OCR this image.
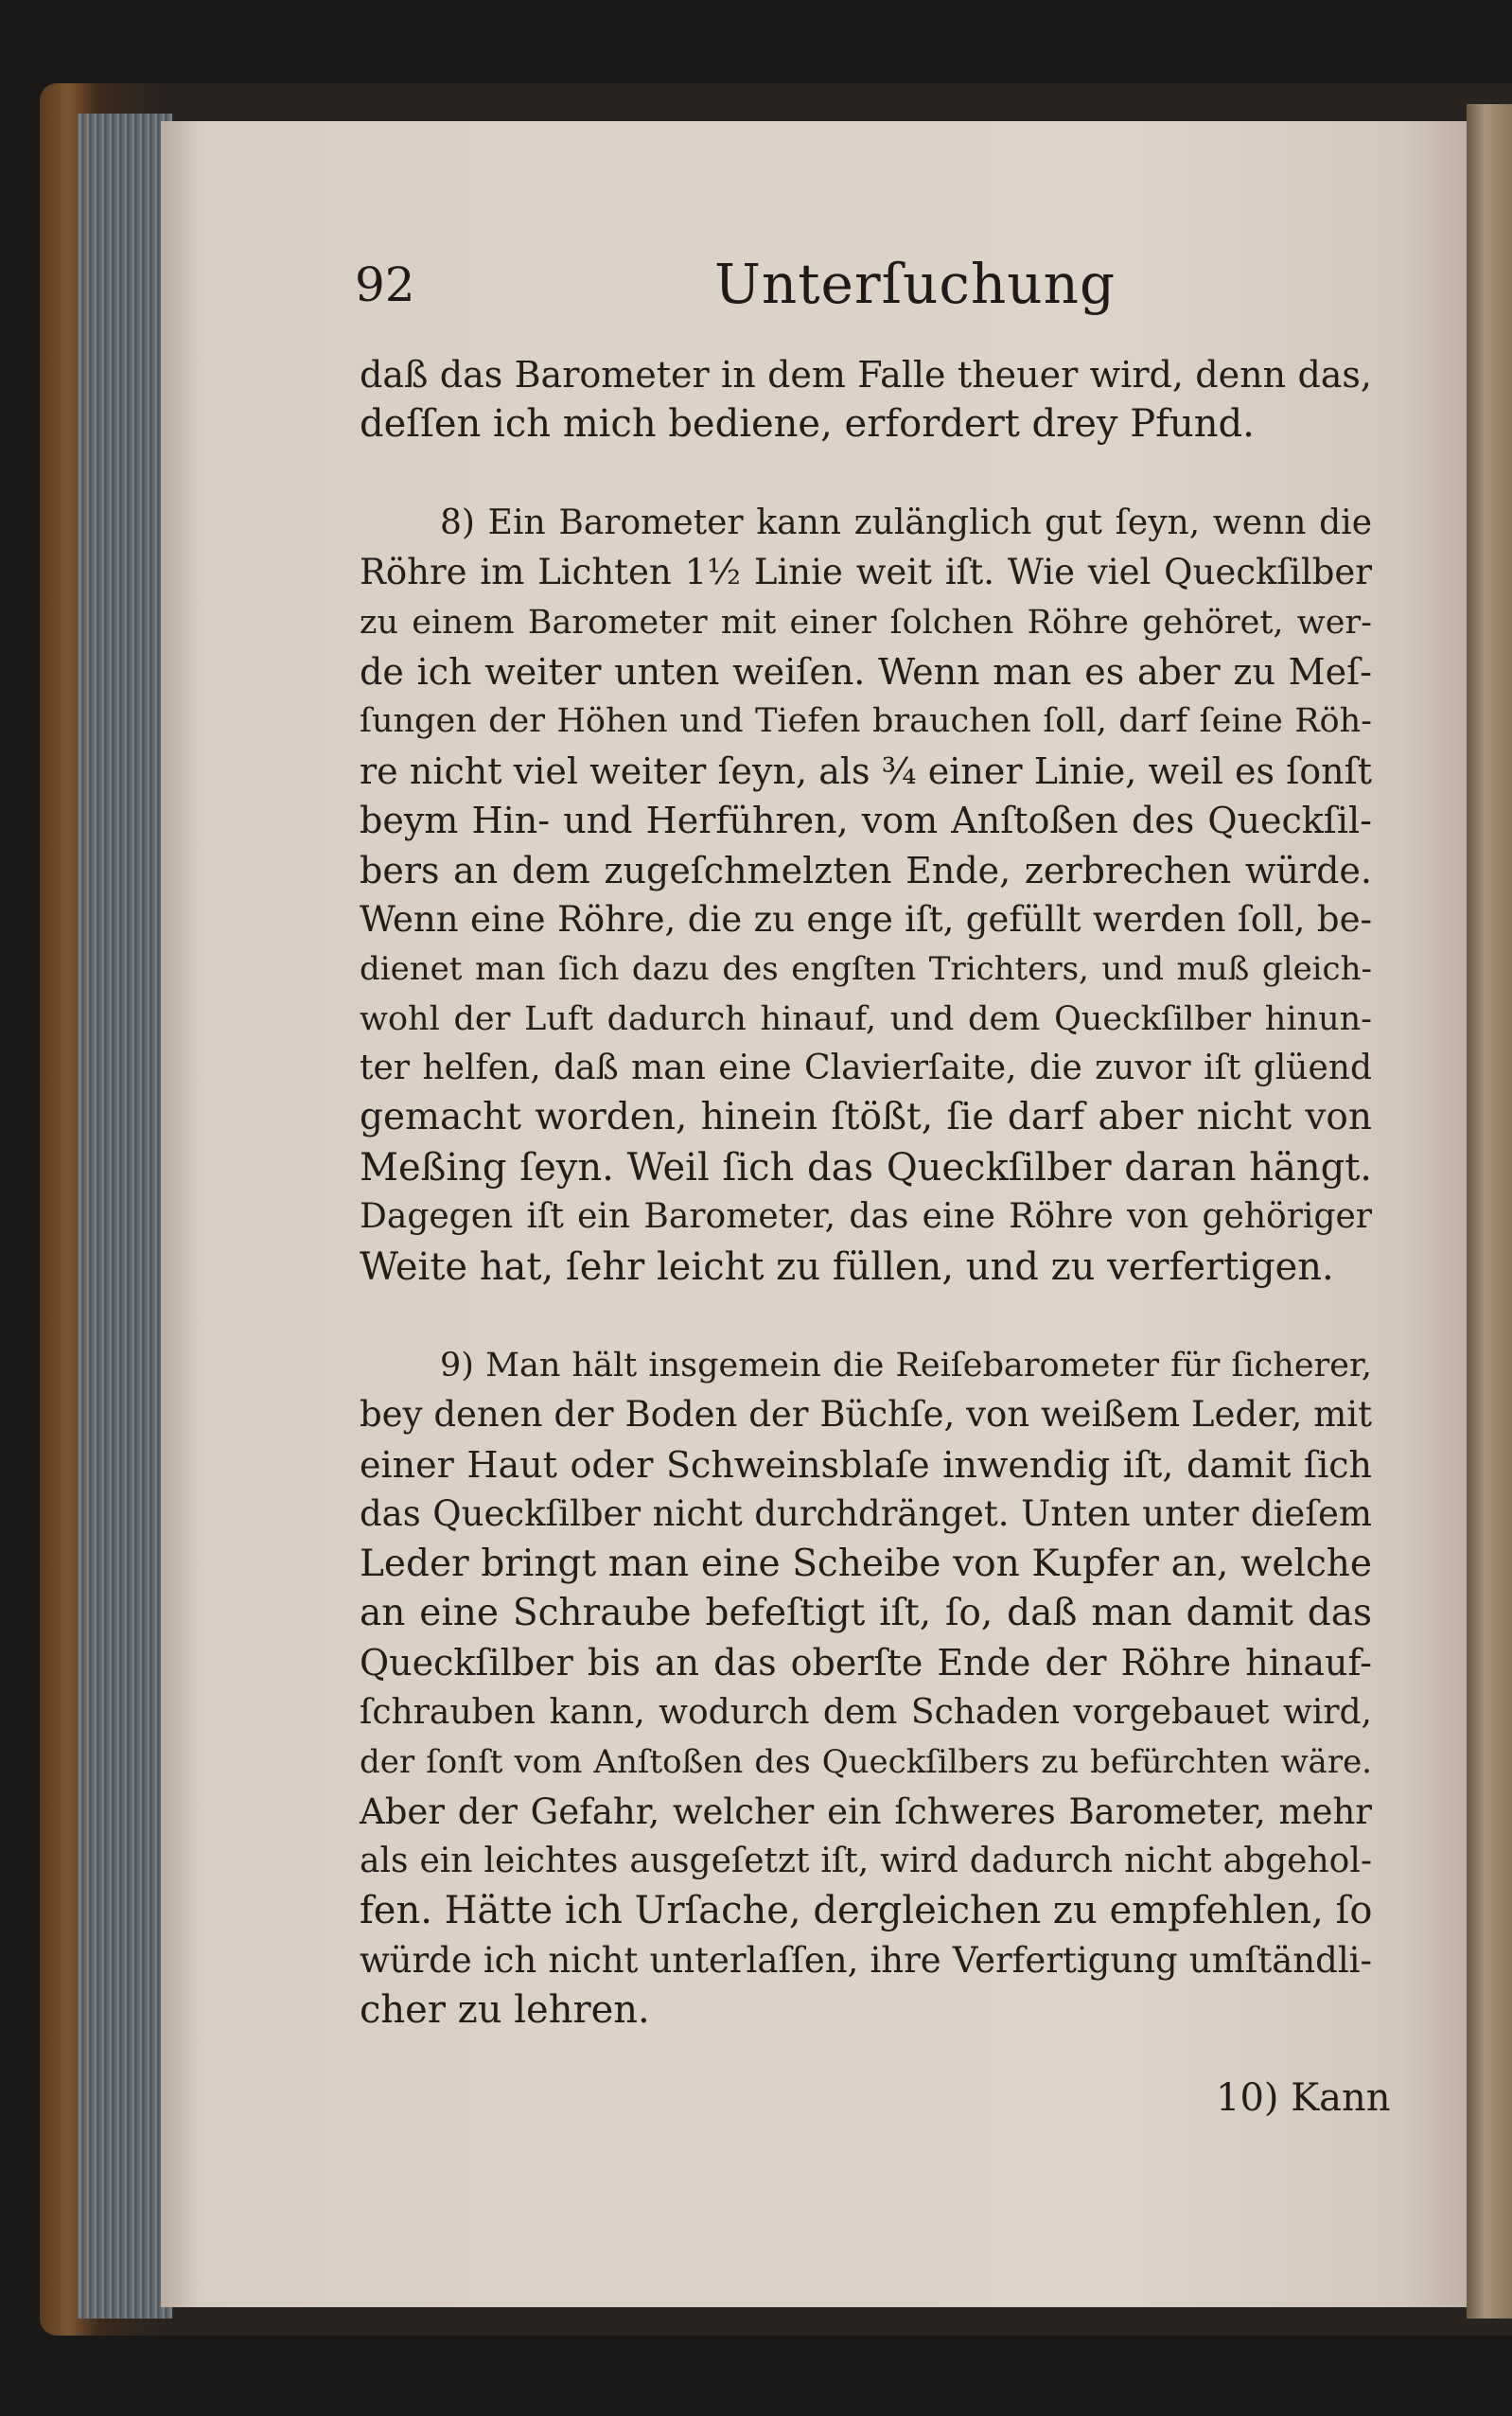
92	Unterſuchung
daß das Barometer in dem Falle theuer wird, denn das,
deſſen ich mich bediene, erfordert drey Pfund.
8) Ein Barometer kann zulänglich gut ſeyn, wenn die
Röhre im Lichten 1½ Linie weit iſt. Wie viel Queckſilber
zu einem Barometer mit einer ſolchen Röhre gehöret, wer-
de ich weiter unten weiſen. Wenn man es aber zu Meſ-
ſungen der Höhen und Tiefen brauchen ſoll, darf ſeine Röh-
re nicht viel weiter ſeyn, als ¾ einer Linie, weil es ſonſt
beym Hin- und Herführen, vom Anſtoßen des Queckſil-
bers an dem zugeſchmelzten Ende, zerbrechen würde.
Wenn eine Röhre, die zu enge iſt, gefüllt werden ſoll, be-
dienet man ſich dazu des engſten Trichters, und muß gleich-
wohl der Luft dadurch hinauf, und dem Queckſilber hinun-
ter helfen, daß man eine Clavierſaite, die zuvor iſt glüend
gemacht worden, hinein ſtößt, ſie darf aber nicht von
Meßing ſeyn. Weil ſich das Queckſilber daran hängt.
Dagegen iſt ein Barometer, das eine Röhre von gehöriger
Weite hat, ſehr leicht zu füllen, und zu verfertigen.
9) Man hält insgemein die Reiſebarometer für ſicherer,
bey denen der Boden der Büchſe, von weißem Leder, mit
einer Haut oder Schweinsblaſe inwendig iſt, damit ſich
das Queckſilber nicht durchdränget. Unten unter dieſem
Leder bringt man eine Scheibe von Kupfer an, welche
an eine Schraube befeſtigt iſt, ſo, daß man damit das
Queckſilber bis an das oberſte Ende der Röhre hinauf-
ſchrauben kann, wodurch dem Schaden vorgebauet wird,
der ſonſt vom Anſtoßen des Queckſilbers zu befürchten wäre.
Aber der Gefahr, welcher ein ſchweres Barometer, mehr
als ein leichtes ausgeſetzt iſt, wird dadurch nicht abgehol-
fen. Hätte ich Urſache, dergleichen zu empfehlen, ſo
würde ich nicht unterlaſſen, ihre Verfertigung umſtändli-
cher zu lehren.
10) Kann
